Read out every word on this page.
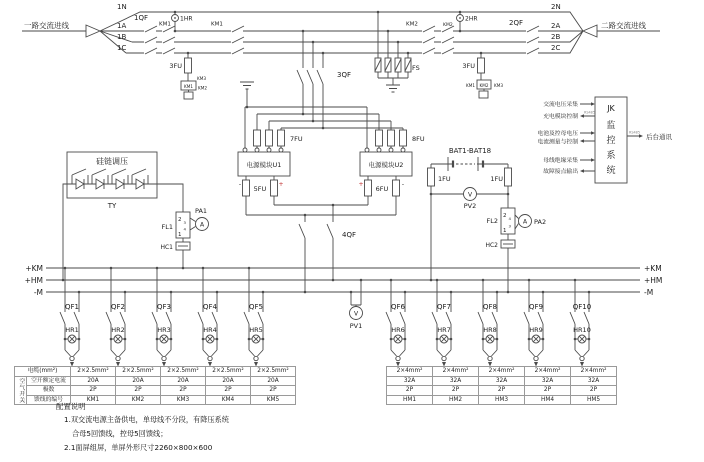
一路交流进线
1N
1A
1B
1C
1QF
KM1
1HR
KM1
3FU
KM3
KM1 KM2
KM2	KM2
2HR	2QF
2N
2A
2B
2C
二路交流进线
3FU
KM1 KM2 KM3
FS
3QF
7FU	8FU
电源模块U1	电源模块U2
-	+	+	-
5FU	6FU
硅链调压
TY
FL1
2 3
1
4
PA1
A
HC1
BAT1-BAT18
1FU	1FU
V
PV2
FL2
2 4
1
3
A PA2
HC2
4QF
V
PV1
+KM
+HM
-M
+KM
+HM
-M
JK
监
控
系
统
交流电压采集
充电模块控制
RS485
电池及控母电压
电流测量与控制
母线绝缘采集
故障接点输出
RS485
后台通讯
QF1
HR1
QF2
HR2
QF3
HR3
QF4
HR4
QF5
HR5
QF6
HR6
QF7
HR7
QF8
HR8
QF9
HR9
QF10
HR10
电缆(mm²)		2×2.5mm²	2×2.5mm²	2×2.5mm²	2×2.5mm²	2×2.5mm²
空气开关	空开额定电流	20A	20A	20A	20A	20A
	极数	2P	2P	2P	2P	2P
	馈线的编号	KM1	KM2	KM3	KM4	KM5
2×4mm²	2×4mm²	2×4mm²	2×4mm²	2×4mm²
32A	32A	32A	32A	32A
2P	2P	2P	2P	2P
HM1	HM2	HM3	HM4	HM5
配置说明
1.双交流电源主备供电，单母线不分段，有降压系统
合母5回馈线，控母5回馈线；
2.1面屏组屏，单屏外形尺寸2260×800×600
